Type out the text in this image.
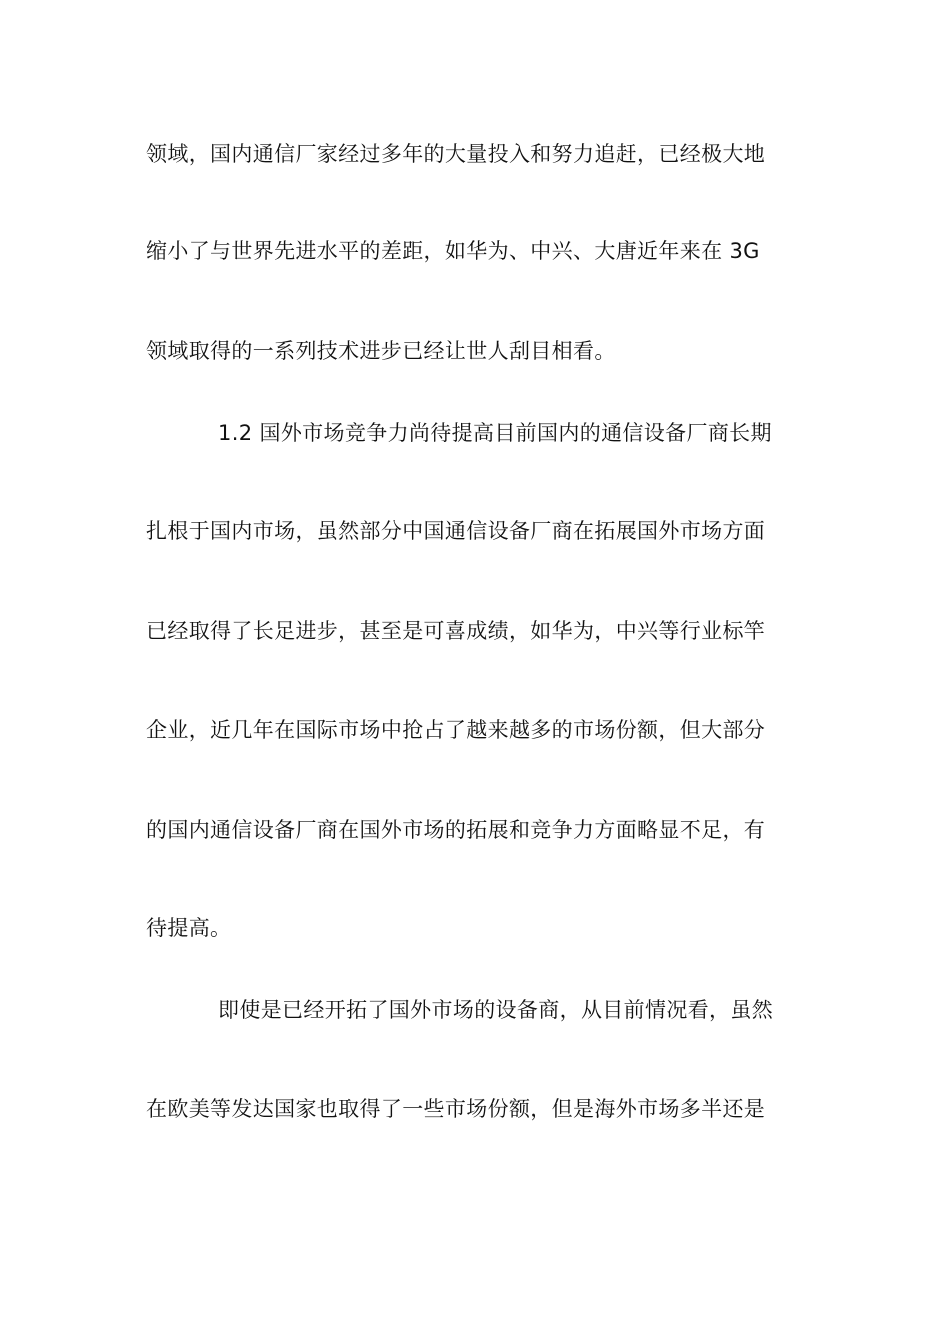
领域，国内通信厂家经过多年的大量投入和努力追赶，已经极大地
缩小了与世界先进水平的差距，如华为、中兴、大唐近年来在 3G
领域取得的一系列技术进步已经让世人刮目相看。
1.2 国外市场竞争力尚待提高目前国内的通信设备厂商长期
扎根于国内市场，虽然部分中国通信设备厂商在拓展国外市场方面
已经取得了长足进步，甚至是可喜成绩，如华为，中兴等行业标竿
企业，近几年在国际市场中抢占了越来越多的市场份额，但大部分
的国内通信设备厂商在国外市场的拓展和竞争力方面略显不足，有
待提高。
即使是已经开拓了国外市场的设备商，从目前情况看，虽然
在欧美等发达国家也取得了一些市场份额，但是海外市场多半还是
